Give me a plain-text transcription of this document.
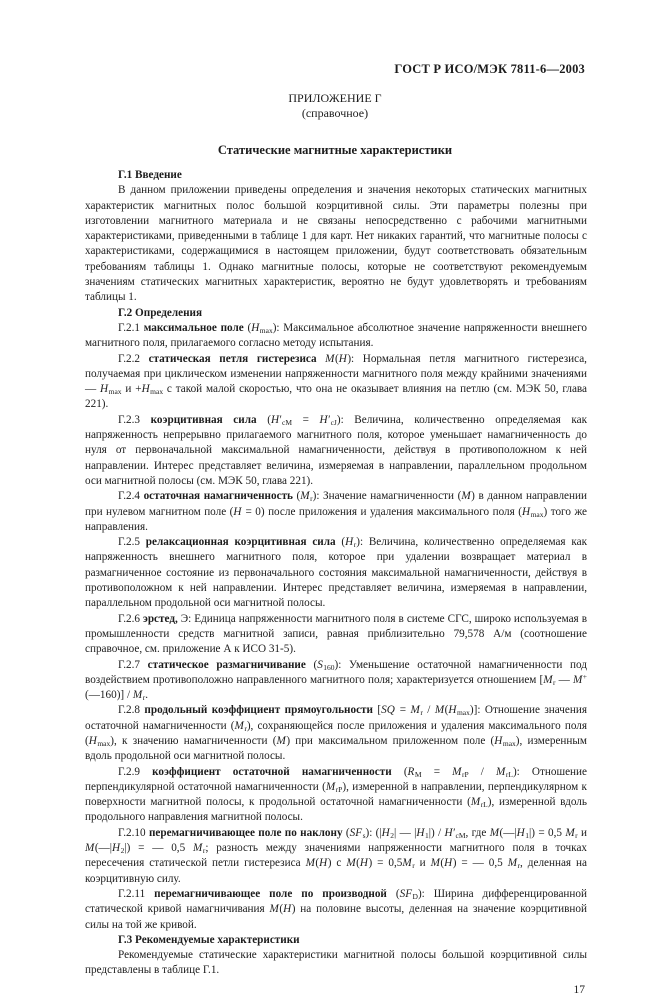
ГОСТ Р ИСО/МЭК 7811-6—2003
ПРИЛОЖЕНИЕ Г
(справочное)
Статические магнитные характеристики

Г.1 Введение

В данном приложении приведены определения и значения некоторых статических магнитных характеристик магнитных полос большой коэрцитивной силы. Эти параметры полезны при изготовлении магнитного материала и не связаны непосредственно с рабочими магнитными характеристиками, приведенными в таблице 1 для карт. Нет никаких гарантий, что магнитные полосы с характеристиками, содержащимися в настоящем приложении, будут соответствовать обязательным требованиям таблицы 1. Однако магнитные полосы, которые не соответствуют рекомендуемым значениям статических магнитных характеристик, вероятно не будут удовлетворять и требованиям таблицы 1.

Г.2 Определения

Г.2.1 максимальное поле $(H_{max})$: Максимальное абсолютное значение напряженности внешнего магнитного поля, прилагаемого согласно методу испытания.

Г.2.2 статическая петля гистерезиса M(H): Нормальная петля магнитного гистерезиса, получаемая при циклическом изменении напряженности магнитного поля между крайними значениями — $H_{max}$ $и +H_{max}$ с такой малой скоростью, что она не оказывает влияния на петлю (см. МЭК 50, глава 221).

Г.2.3 коэрцитивная сила $(H'_{cM} = H'_{cJ})$: Величина, количественно определяемая как напряженность непрерывно прилагаемого магнитного поля, которое уменьшает намагниченность до нуля от первоначальной максимальной намагниченности, действуя в противоположном к ней направлении. Интерес представляет величина, измеряемая в направлении, параллельном продольном оси магнитной полосы (см. МЭК 50, глава 221).

Г.2.4 остаточная намагниченность $(M_r)$: Значение намагниченности (M) в данном направлении при нулевом магнитном поле (H = 0) после приложения и удаления максимального поля $(H_{max})$ того же направления.

Г.2.5 релаксационная коэрцитивная сила $(H_r)$: Величина, количественно определяемая как напряженность внешнего магнитного поля, которое при удалении возвращает материал в размагниченное состояние из первоначального состояния максимальной намагниченности, действуя в противоположном к ней направлении. Интерес представляет величина, измеряемая в направлении, параллельном продольной оси магнитной полосы.

Г.2.6 эрстед, Э: Единица напряженности магнитного поля в системе СГС, широко используемая в промышленности средств магнитной записи, равная приблизительно 79,578 А/м (соотношение справочное, см. приложение А к ИСО 31-5).

Г.2.7 статическое размагничивание $(S_{160})$: Уменьшение остаточной намагниченности под воздействием противоположно направленного магнитного поля; характеризуется отношением [$M_r$ — M+ (—160)] / $M_r$.

Г.2.8 продольный коэффициент прямоугольности $[SQ = M_r / M(H_{max})]$: Отношение значения остаточной намагниченности $(M_r)$, сохраняющейся после приложения и удаления максимального поля $(H_{max})$, к значению намагниченности (M) при максимальном приложенном поле $(H_{max})$, измеренным вдоль продольной оси магнитной полосы.

Г.2.9 коэффициент остаточной намагниченности $(R_M = M_{rP} / M_{rL})$: Отношение перпендикулярной остаточной намагниченности $(M_{rP})$, измеренной в направлении, перпендикулярном к поверхности магнитной полосы, к продольной остаточной намагниченности $(M_{rL})$, измеренной вдоль продольного направления магнитной полосы.

Г.2.10 перемагничивающее поле по наклону $(SF_s)$: ($|H_2|$ — $|H_1|) / H'_{cM}$, где $M(—|H_1|) = 0,5$ $M_r$ и $M(—|H_2|)$ = — 0,5 $M_r$; разность между значениями напряженности магнитного поля в точках пересечения статической петли гистерезиса M(H) с $M(H) = 0,5M_r$ и M(H) = — 0,5 $M_r$, деленная на коэрцитивную силу.

Г.2.11 перемагничивающее поле по производной $(SF_D)$: Ширина дифференцированной статической кривой намагничивания M(H) на половине высоты, деленная на значение коэрцитивной силы на той же кривой.

Г.3 Рекомендуемые характеристики

Рекомендуемые статические характеристики магнитной полосы большой коэрцитивной силы представлены в таблице Г.1.

17
